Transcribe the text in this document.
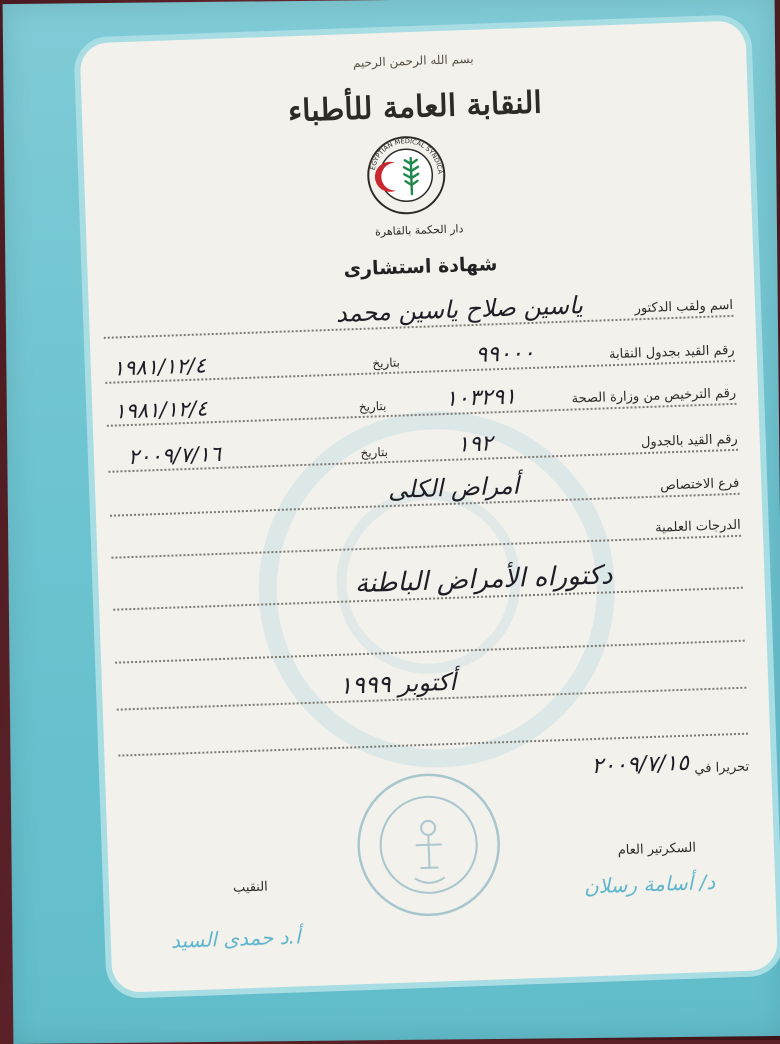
بسم الله الرحمن الرحيم
النقابة العامة للأطباء
EGYPTIAN MEDICAL SYNDICATE
دار الحكمة بالقاهرة
شهادة استشارى
اسم ولقب الدكتور
ياسين صلاح ياسين محمد
رقم القيد بجدول النقابة
٩٩٠٠٠
بتاريخ
١٩٨١/١٢/٤
رقم الترخيص من وزارة الصحة
١٠٣٢٩١
بتاريخ
١٩٨١/١٢/٤
رقم القيد بالجدول
١٩٢
بتاريخ
٢٠٠٩/٧/١٦
فرع الاختصاص
أمراض الكلى
الدرجات العلمية
دكتوراه الأمراض الباطنة
أكتوبر ١٩٩٩
تحريرا في
٢٠٠٩/٧/١٥
السكرتير العام
د/ أسامة رسلان
النقيب
أ.د حمدى السيد
